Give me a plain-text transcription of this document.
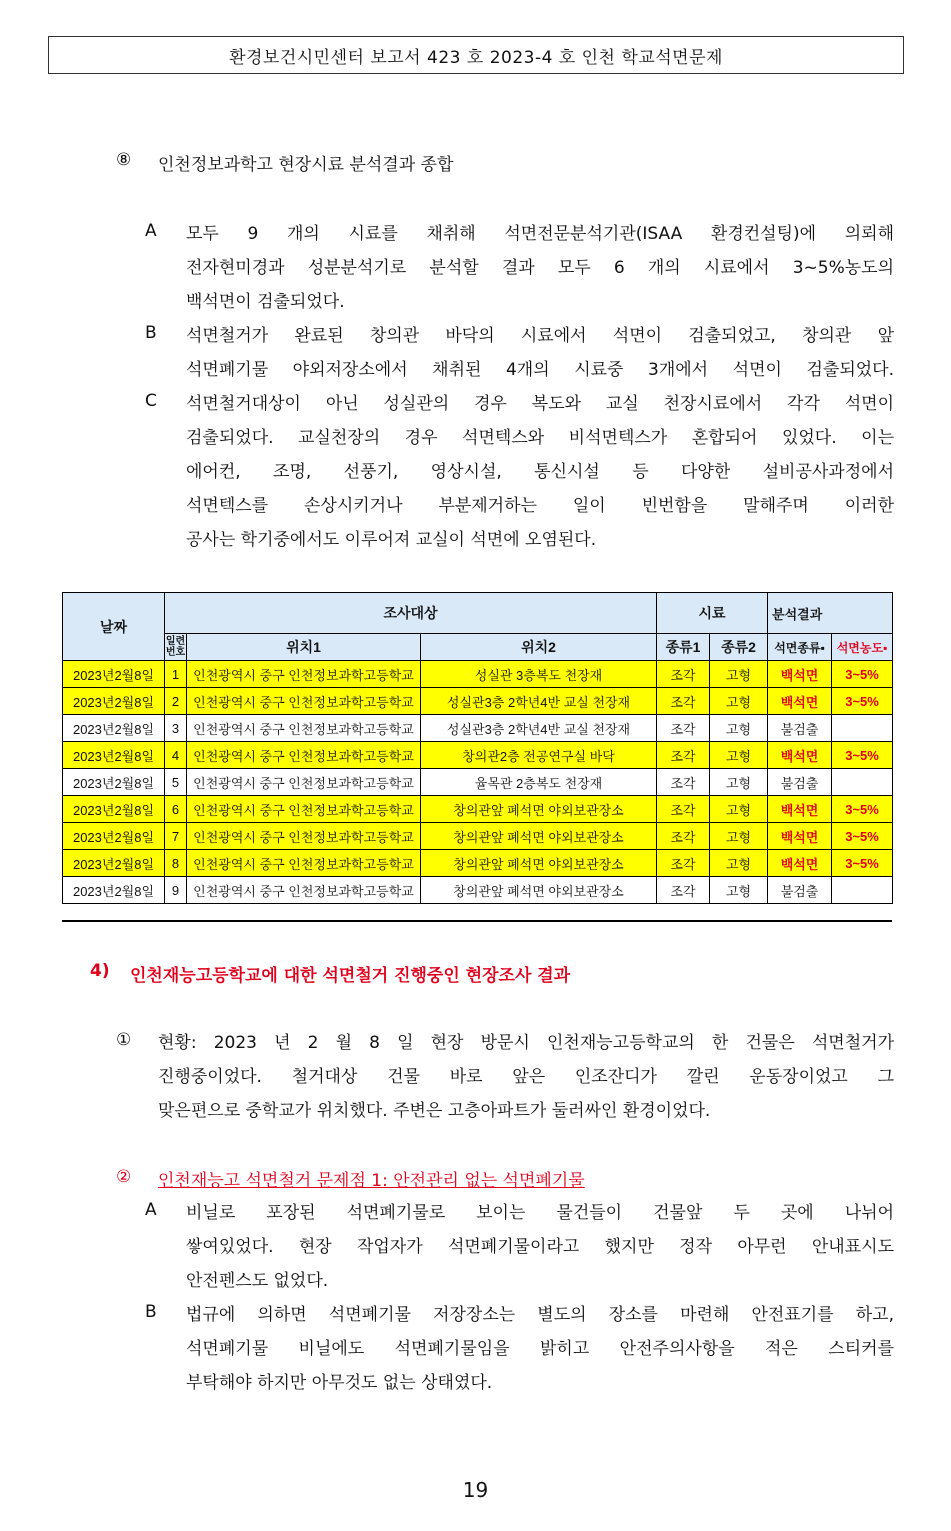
환경보건시민센터 보고서 423 호 2023-4 호 인천 학교석면문제
⑧ 인천정보과학고 현장시료 분석결과 종합
A 모두 9 개의 시료를 채취해 석면전문분석기관(ISAA 환경컨설팅)에 의뢰해
전자현미경과 성분분석기로 분석할 결과 모두 6 개의 시료에서 3~5%농도의
백석면이 검출되었다.
B 석면철거가 완료된 창의관 바닥의 시료에서 석면이 검출되었고, 창의관 앞
석면폐기물 야외저장소에서 채취된 4개의 시료중 3개에서 석면이 검출되었다.
C 석면철거대상이 아닌 성실관의 경우 복도와 교실 천장시료에서 각각 석면이
검출되었다. 교실천장의 경우 석면텍스와 비석면텍스가 혼합되어 있었다. 이는
에어컨, 조명, 선풍기, 영상시설, 통신시설 등 다양한 설비공사과정에서
석면텍스를 손상시키거나 부분제거하는 일이 빈번함을 말해주며 이러한
공사는 학기중에서도 이루어져 교실이 석면에 오염된다.
날짜	조사대상			시료		분석결과	
	일련번호	위치1	위치2	종류1	종류2	석면종류▪	석면농도▪
2023년2월8일	1	인천광역시 중구 인천정보과학고등학교	성실관 3층복도 천장재	조각	고형	백석면	3~5%
2023년2월8일	2	인천광역시 중구 인천정보과학고등학교	성실관3층 2학년4반 교실 천장재	조각	고형	백석면	3~5%
2023년2월8일	3	인천광역시 중구 인천정보과학고등학교	성실관3층 2학년4반 교실 천장재	조각	고형	불검출	
2023년2월8일	4	인천광역시 중구 인천정보과학고등학교	창의관2층 전공연구실 바닥	조각	고형	백석면	3~5%
2023년2월8일	5	인천광역시 중구 인천정보과학고등학교	율목관 2층복도 천장재	조각	고형	불검출	
2023년2월8일	6	인천광역시 중구 인천정보과학고등학교	창의관앞 폐석면 야외보관장소	조각	고형	백석면	3~5%
2023년2월8일	7	인천광역시 중구 인천정보과학고등학교	창의관앞 폐석면 야외보관장소	조각	고형	백석면	3~5%
2023년2월8일	8	인천광역시 중구 인천정보과학고등학교	창의관앞 폐석면 야외보관장소	조각	고형	백석면	3~5%
2023년2월8일	9	인천광역시 중구 인천정보과학고등학교	창의관앞 폐석면 야외보관장소	조각	고형	불검출	
4) 인천재능고등학교에 대한 석면철거 진행중인 현장조사 결과
① 현황: 2023 년 2 월 8 일 현장 방문시 인천재능고등학교의 한 건물은 석면철거가
진행중이었다. 철거대상 건물 바로 앞은 인조잔디가 깔린 운동장이었고 그
맞은편으로 중학교가 위치했다. 주변은 고층아파트가 둘러싸인 환경이었다.
② 인천재능고 석면철거 문제점 1: 안전관리 없는 석면폐기물
A 비닐로 포장된 석면폐기물로 보이는 물건들이 건물앞 두 곳에 나뉘어
쌓여있었다. 현장 작업자가 석면폐기물이라고 했지만 정작 아무런 안내표시도
안전펜스도 없었다.
B 법규에 의하면 석면폐기물 저장장소는 별도의 장소를 마련해 안전표기를 하고,
석면폐기물 비닐에도 석면폐기물임을 밝히고 안전주의사항을 적은 스티커를
부탁해야 하지만 아무것도 없는 상태였다.
19
